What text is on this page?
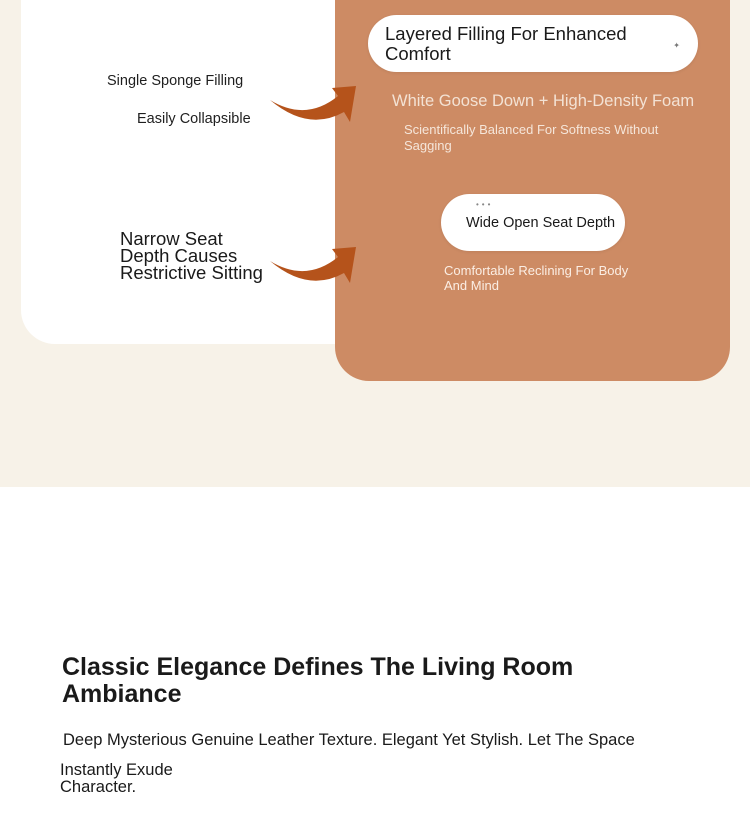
Single Sponge Filling

Easily Collapsible

Narrow Seat Depth Causes Restrictive Sitting

Layered Filling For Enhanced Comfort	✦

White Goose Down + High-Density Foam

Scientifically Balanced For Softness Without Sagging

•••
Wide Open Seat Depth

Comfortable Reclining For Body And Mind

Classic Elegance Defines The Living Room Ambiance

Deep Mysterious Genuine Leather Texture. Elegant Yet Stylish. Let The Space

Instantly Exude Character.
